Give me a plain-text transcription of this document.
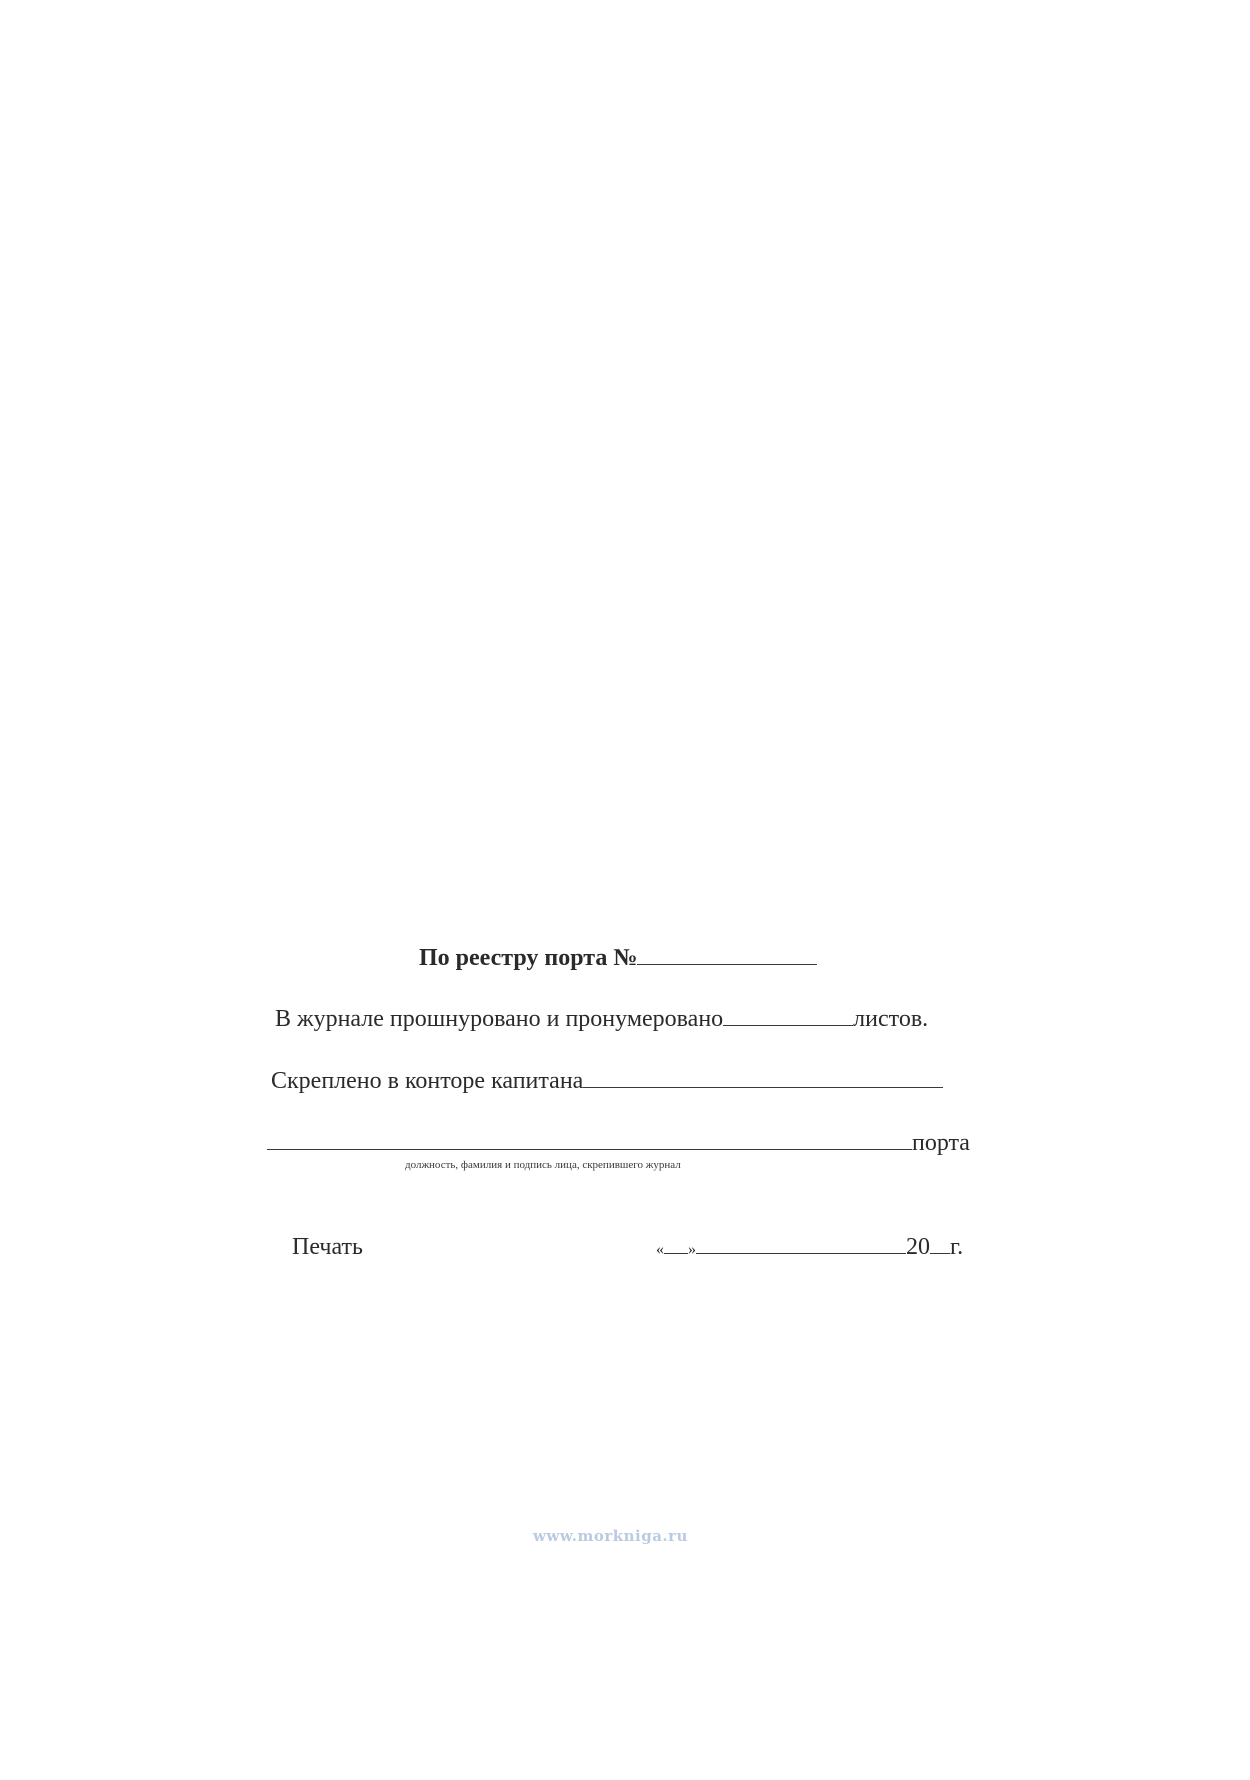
По реестру порта №
В журнале прошнуровано и пронумеровано	листов.
Скреплено в конторе капитана
порта
должность, фамилия и подпись лица, скрепившего журнал
Печать	« »	20 г.
www.morkniga.ru
